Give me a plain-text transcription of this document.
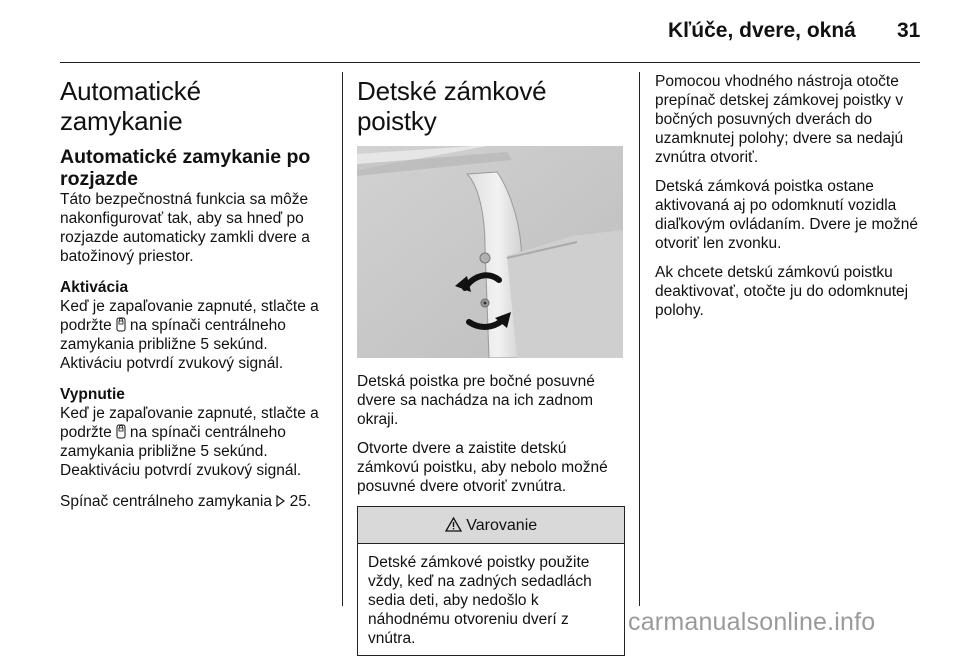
Kľúče, dvere, okná 31
Automatické zamykanie
Automatické zamykanie po rozjazde

Táto bezpečnostná funkcia sa môže nakonfigurovať tak, aby sa hneď po rozjazde automaticky zamkli dvere a batožinový priestor.

Aktivácia

Keď je zapaľovanie zapnuté, stlačte a podržte na spínači centrálneho zamykania približne 5 sekúnd. Aktiváciu potvrdí zvukový signál.

Vypnutie

Keď je zapaľovanie zapnuté, stlačte a podržte na spínači centrálneho zamykania približne 5 sekúnd. Deaktiváciu potvrdí zvukový signál.

Spínač centrálneho zamykania 25.

Detské zámkové poistky

Detská poistka pre bočné posuvné dvere sa nachádza na ich zadnom okraji.

Otvorte dvere a zaistite detskú zámkovú poistku, aby nebolo možné posuvné dvere otvoriť zvnútra.

Varovanie
Detské zámkové poistky použite vždy, keď na zadných sedadlách sedia deti, aby nedošlo k náhodnému otvoreniu dverí z vnútra.

Pomocou vhodného nástroja otočte prepínač detskej zámkovej poistky v bočných posuvných dverách do uzamknutej polohy; dvere sa nedajú zvnútra otvoriť.

Detská zámková poistka ostane aktivovaná aj po odomknutí vozidla diaľkovým ovládaním. Dvere je možné otvoriť len zvonku.

Ak chcete detskú zámkovú poistku deaktivovať, otočte ju do odomknutej polohy.

carmanualsonline.info
